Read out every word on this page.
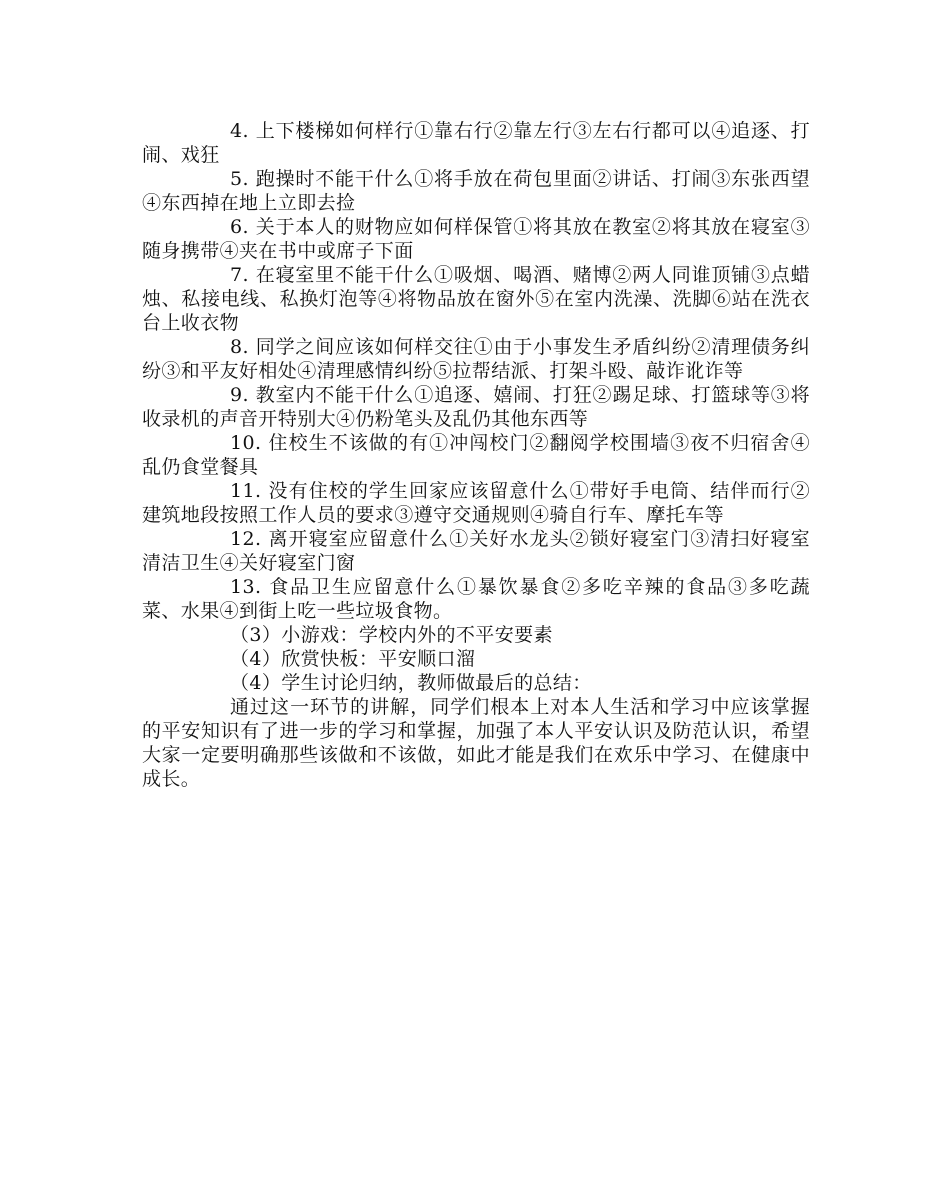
4. 上下楼梯如何样行①靠右行②靠左行③左右行都可以④追逐、打闹、戏狂

5. 跑操时不能干什么①将手放在荷包里面②讲话、打闹③东张西望④东西掉在地上立即去捡

6. 关于本人的财物应如何样保管①将其放在教室②将其放在寝室③随身携带④夹在书中或席子下面

7. 在寝室里不能干什么①吸烟、喝酒、赌博②两人同谁顶铺③点蜡烛、私接电线、私换灯泡等④将物品放在窗外⑤在室内洗澡、洗脚⑥站在洗衣台上收衣物

8. 同学之间应该如何样交往①由于小事发生矛盾纠纷②清理债务纠纷③和平友好相处④清理感情纠纷⑤拉帮结派、打架斗殴、敲诈讹诈等

9. 教室内不能干什么①追逐、嬉闹、打狂②踢足球、打篮球等③将收录机的声音开特别大④仍粉笔头及乱仍其他东西等

10. 住校生不该做的有①冲闯校门②翻阅学校围墙③夜不归宿舍④乱仍食堂餐具

11. 没有住校的学生回家应该留意什么①带好手电筒、结伴而行②建筑地段按照工作人员的要求③遵守交通规则④骑自行车、摩托车等

12. 离开寝室应留意什么①关好水龙头②锁好寝室门③清扫好寝室清洁卫生④关好寝室门窗

13. 食品卫生应留意什么①暴饮暴食②多吃辛辣的食品③多吃蔬菜、水果④到街上吃一些垃圾食物。

（3）小游戏：学校内外的不平安要素

（4）欣赏快板：平安顺口溜

（4）学生讨论归纳，教师做最后的总结：

通过这一环节的讲解，同学们根本上对本人生活和学习中应该掌握的平安知识有了进一步的学习和掌握，加强了本人平安认识及防范认识，希望大家一定要明确那些该做和不该做，如此才能是我们在欢乐中学习、在健康中成长。
